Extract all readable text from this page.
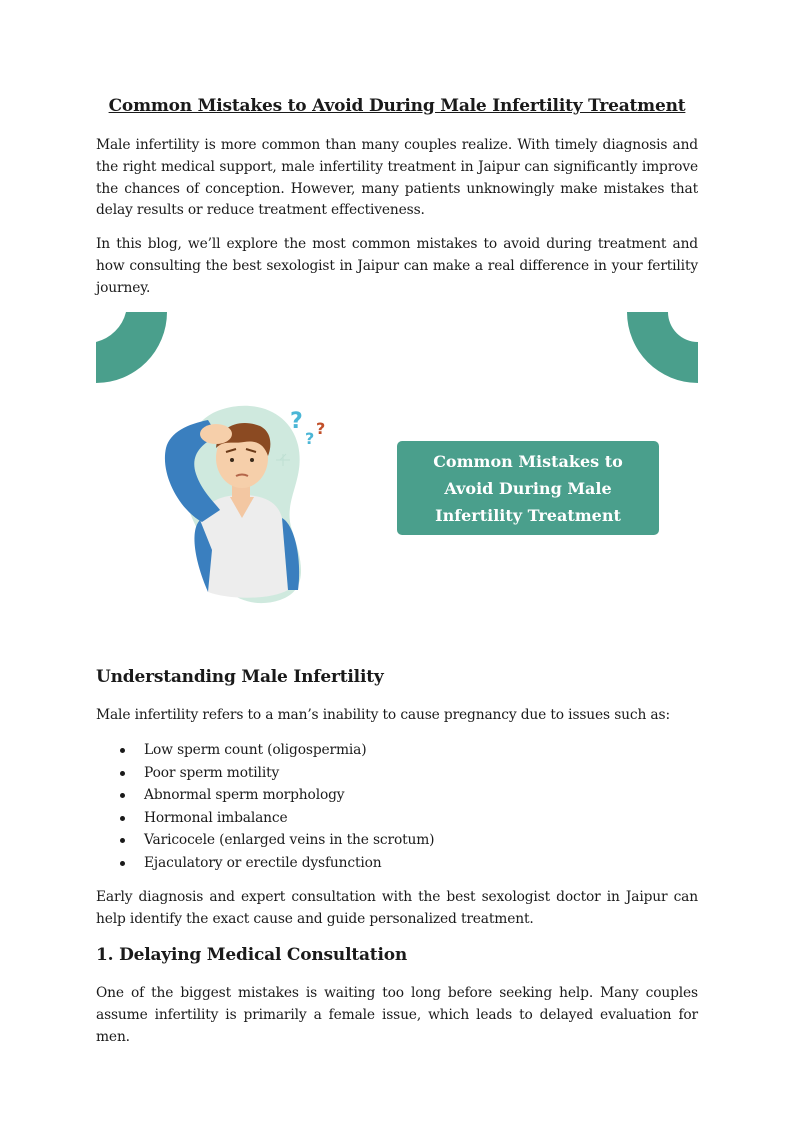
Common Mistakes to Avoid During Male Infertility Treatment

Male infertility is more common than many couples realize. With timely diagnosis and the right medical support, male infertility treatment in Jaipur can significantly improve the chances of conception. However, many patients unknowingly make mistakes that delay results or reduce treatment effectiveness.

In this blog, we’ll explore the most common mistakes to avoid during treatment and how consulting the best sexologist in Jaipur can make a real difference in your fertility journey.

Understanding Male Infertility

Male infertility refers to a man’s inability to cause pregnancy due to issues such as:

Low sperm count (oligospermia)
Poor sperm motility
Abnormal sperm morphology
Hormonal imbalance
Varicocele (enlarged veins in the scrotum)
Ejaculatory or erectile dysfunction

Early diagnosis and expert consultation with the best sexologist doctor in Jaipur can help identify the exact cause and guide personalized treatment.

1. Delaying Medical Consultation

One of the biggest mistakes is waiting too long before seeking help. Many couples assume infertility is primarily a female issue, which leads to delayed evaluation for men.

?
?
?
Common Mistakes to Avoid During Male Infertility Treatment
